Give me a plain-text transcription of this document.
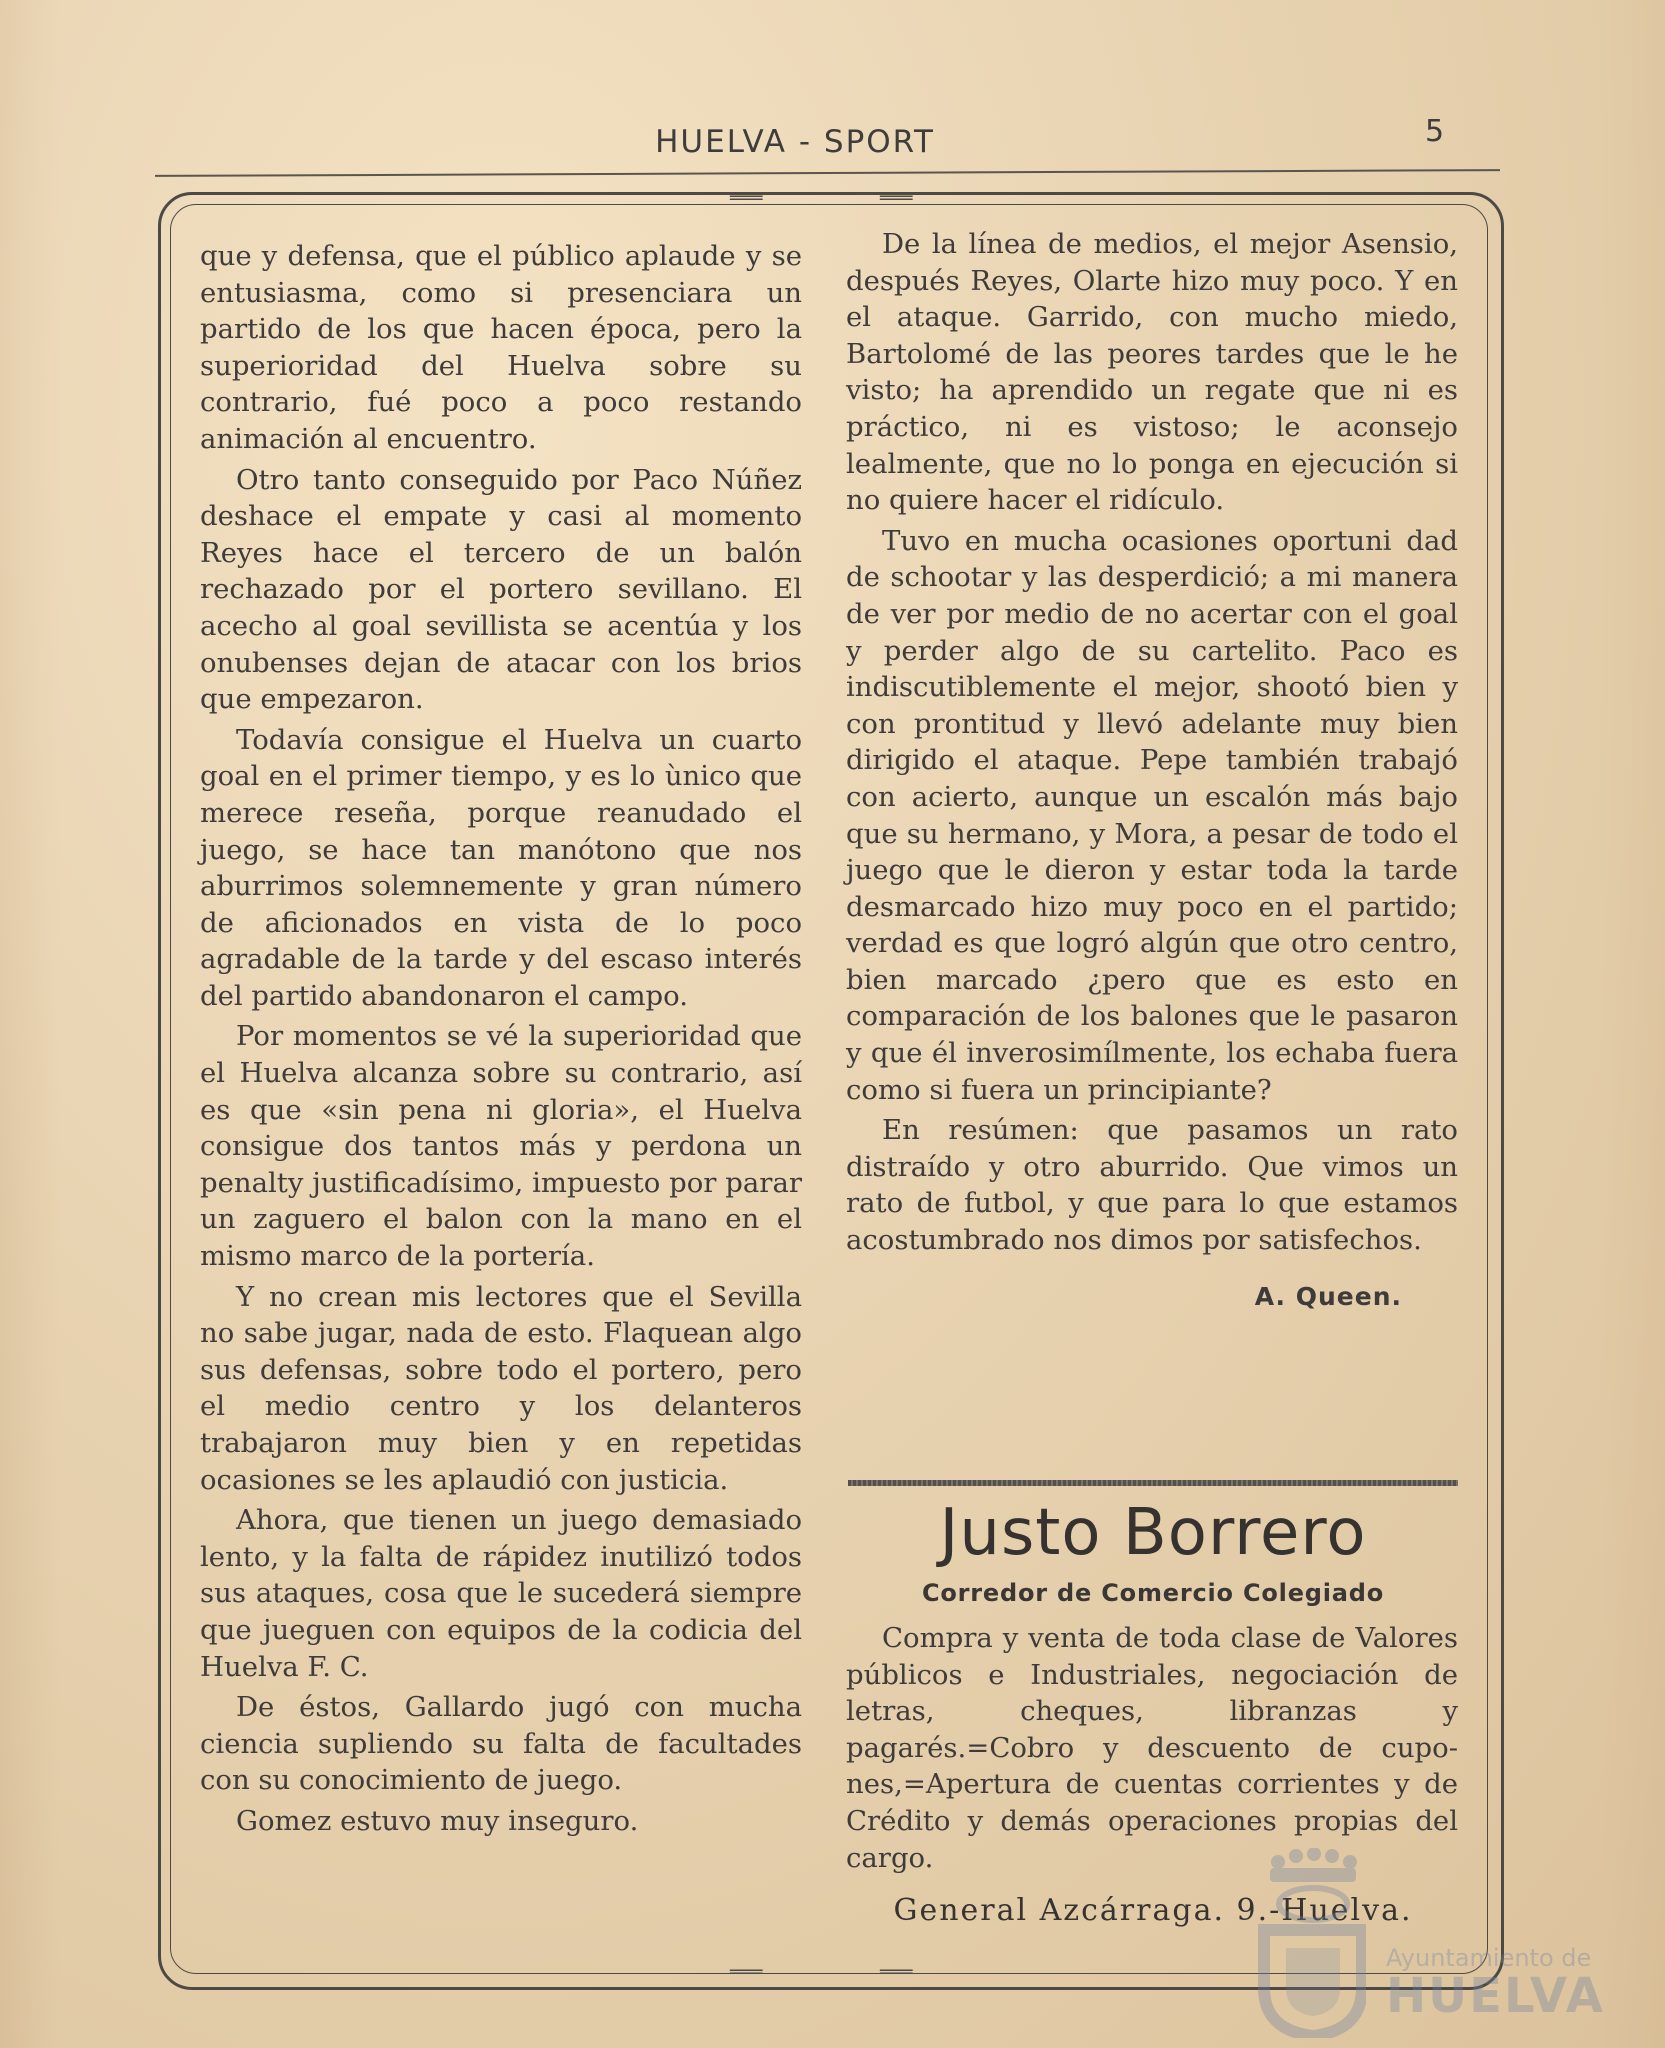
HUELVA - SPORT	5
═══	═══
═══	═══

que y defensa, que el público aplaude y se entusiasma, como si presenciara un partido de los que hacen época, pero la superioridad del Huelva sobre su contrario, fué poco a poco restando animación al encuentro.

Otro tanto conseguido por Paco Núñez deshace el empate y casi al momento Reyes hace el tercero de un balón rechazado por el portero sevillano. El acecho al goal sevillista se acentúa y los onubenses dejan de atacar con los brios que empezaron.

Todavía consigue el Huelva un cuarto goal en el primer tiempo, y es lo ùnico que merece reseña, porque reanudado el juego, se hace tan manótono que nos aburrimos solemnemente y gran número de aficionados en vista de lo poco agradable de la tarde y del escaso interés del partido abandonaron el campo.

Por momentos se vé la superioridad que el Huelva alcanza sobre su contrario, así es que «sin pena ni gloria», el Huelva consigue dos tantos más y perdona un penalty justificadísimo, impuesto por parar un zaguero el balon con la mano en el mismo marco de la portería.

Y no crean mis lectores que el Sevilla no sabe jugar, nada de esto. Flaquean algo sus defensas, sobre todo el portero, pero el medio centro y los delanteros trabajaron muy bien y en repetidas ocasiones se les aplaudió con justicia.

Ahora, que tienen un juego demasiado lento, y la falta de rápidez inutilizó todos sus ataques, cosa que le sucederá siempre que jueguen con equipos de la codicia del Huelva F. C.

De éstos, Gallardo jugó con mucha ciencia supliendo su falta de facultades con su conocimiento de juego.

Gomez estuvo muy inseguro.

De la línea de medios, el mejor Asensio, después Reyes, Olarte hizo muy poco. Y en el ataque. Garrido, con mucho miedo, Bartolomé de las peores tardes que le he visto; ha aprendido un regate que ni es práctico, ni es vistoso; le aconsejo lealmente, que no lo ponga en ejecución si no quiere hacer el ridículo.

Tuvo en mucha ocasiones oportuni dad de schootar y las desperdició; a mi manera de ver por medio de no acertar con el goal y perder algo de su cartelito. Paco es indiscutiblemente el mejor, shootó bien y con prontitud y llevó adelante muy bien dirigido el ataque. Pepe también trabajó con acierto, aunque un escalón más bajo que su hermano, y Mora, a pesar de todo el juego que le dieron y estar toda la tarde desmarcado hizo muy poco en el partido; verdad es que logró algún que otro centro, bien marcado ¿pero que es esto en comparación de los balones que le pasaron y que él inverosimílmente, los echaba fuera como si fuera un principiante?

En resúmen: que pasamos un rato distraído y otro aburrido. Que vimos un rato de futbol, y que para lo que estamos acostumbrado nos dimos por satisfechos.

A. Queen.
Justo Borrero
Corredor de Comercio Colegiado

Compra y venta de toda clase de Valores públicos e Industriales, negociación de letras, cheques, libranzas y pagarés.=Cobro y descuento de cupones,=Apertura de cuentas corrientes y de Crédito y demás operaciones propias del cargo.

General Azcárraga. 9.-Huelva.
Ayuntamiento de
HUELVA
